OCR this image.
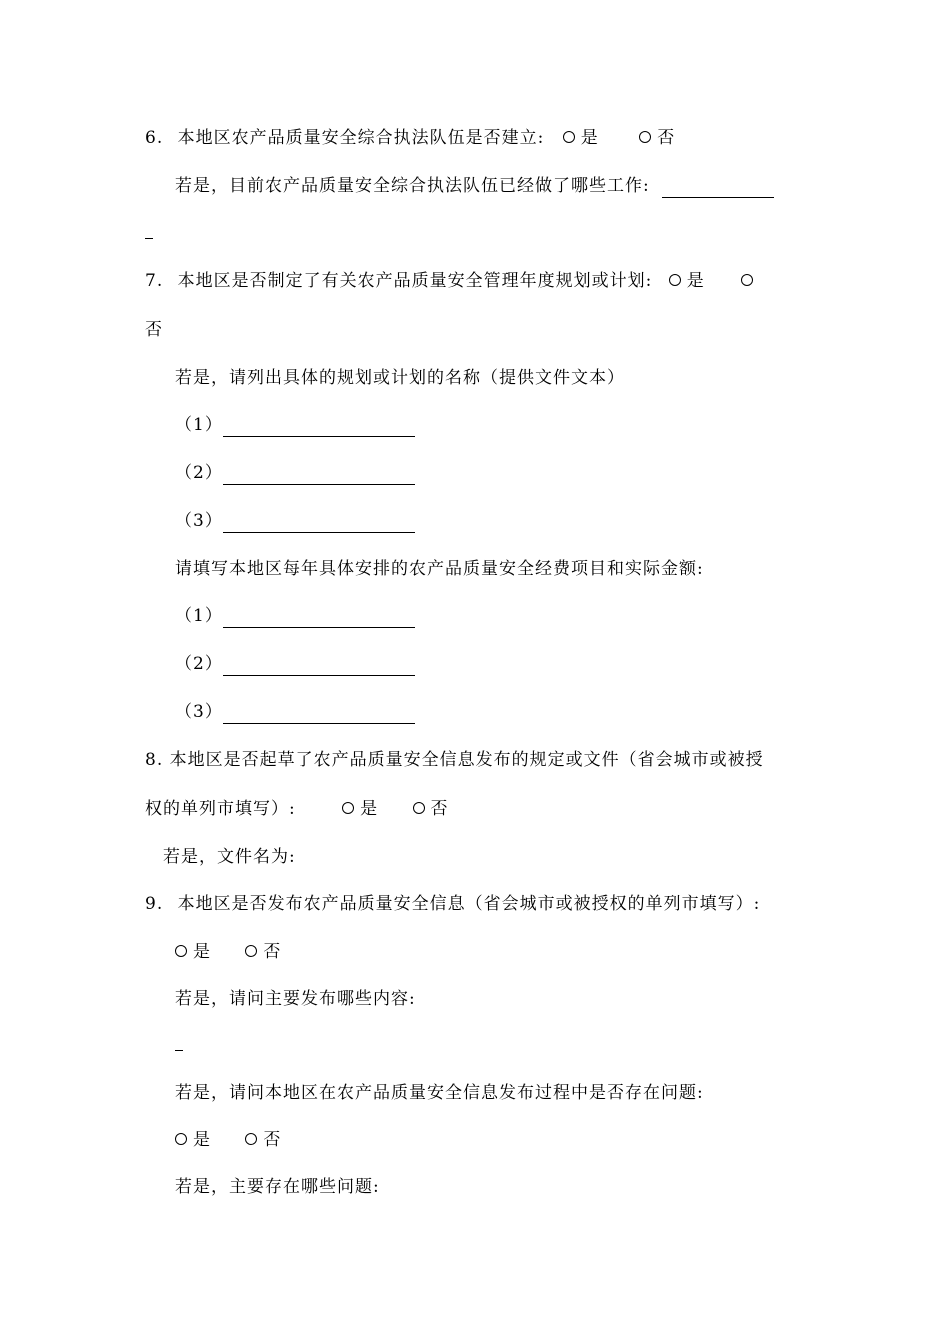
6. 本地区农产品质量安全综合执法队伍是否建立: 是	否
若是，目前农产品质量安全综合执法队伍已经做了哪些工作:
7. 本地区是否制定了有关农产品质量安全管理年度规划或计划: 是
否
若是，请列出具体的规划或计划的名称（提供文件文本）
（1）
（2）
（3）
请填写本地区每年具体安排的农产品质量安全经费项目和实际金额:
（1）
（2）
（3）
8. 本地区是否起草了农产品质量安全信息发布的规定或文件（省会城市或被授
权的单列市填写）:	是	否
若是，文件名为:
9. 本地区是否发布农产品质量安全信息（省会城市或被授权的单列市填写）:
是	否
若是，请问主要发布哪些内容:
若是，请问本地区在农产品质量安全信息发布过程中是否存在问题:
是	否
若是，主要存在哪些问题:
